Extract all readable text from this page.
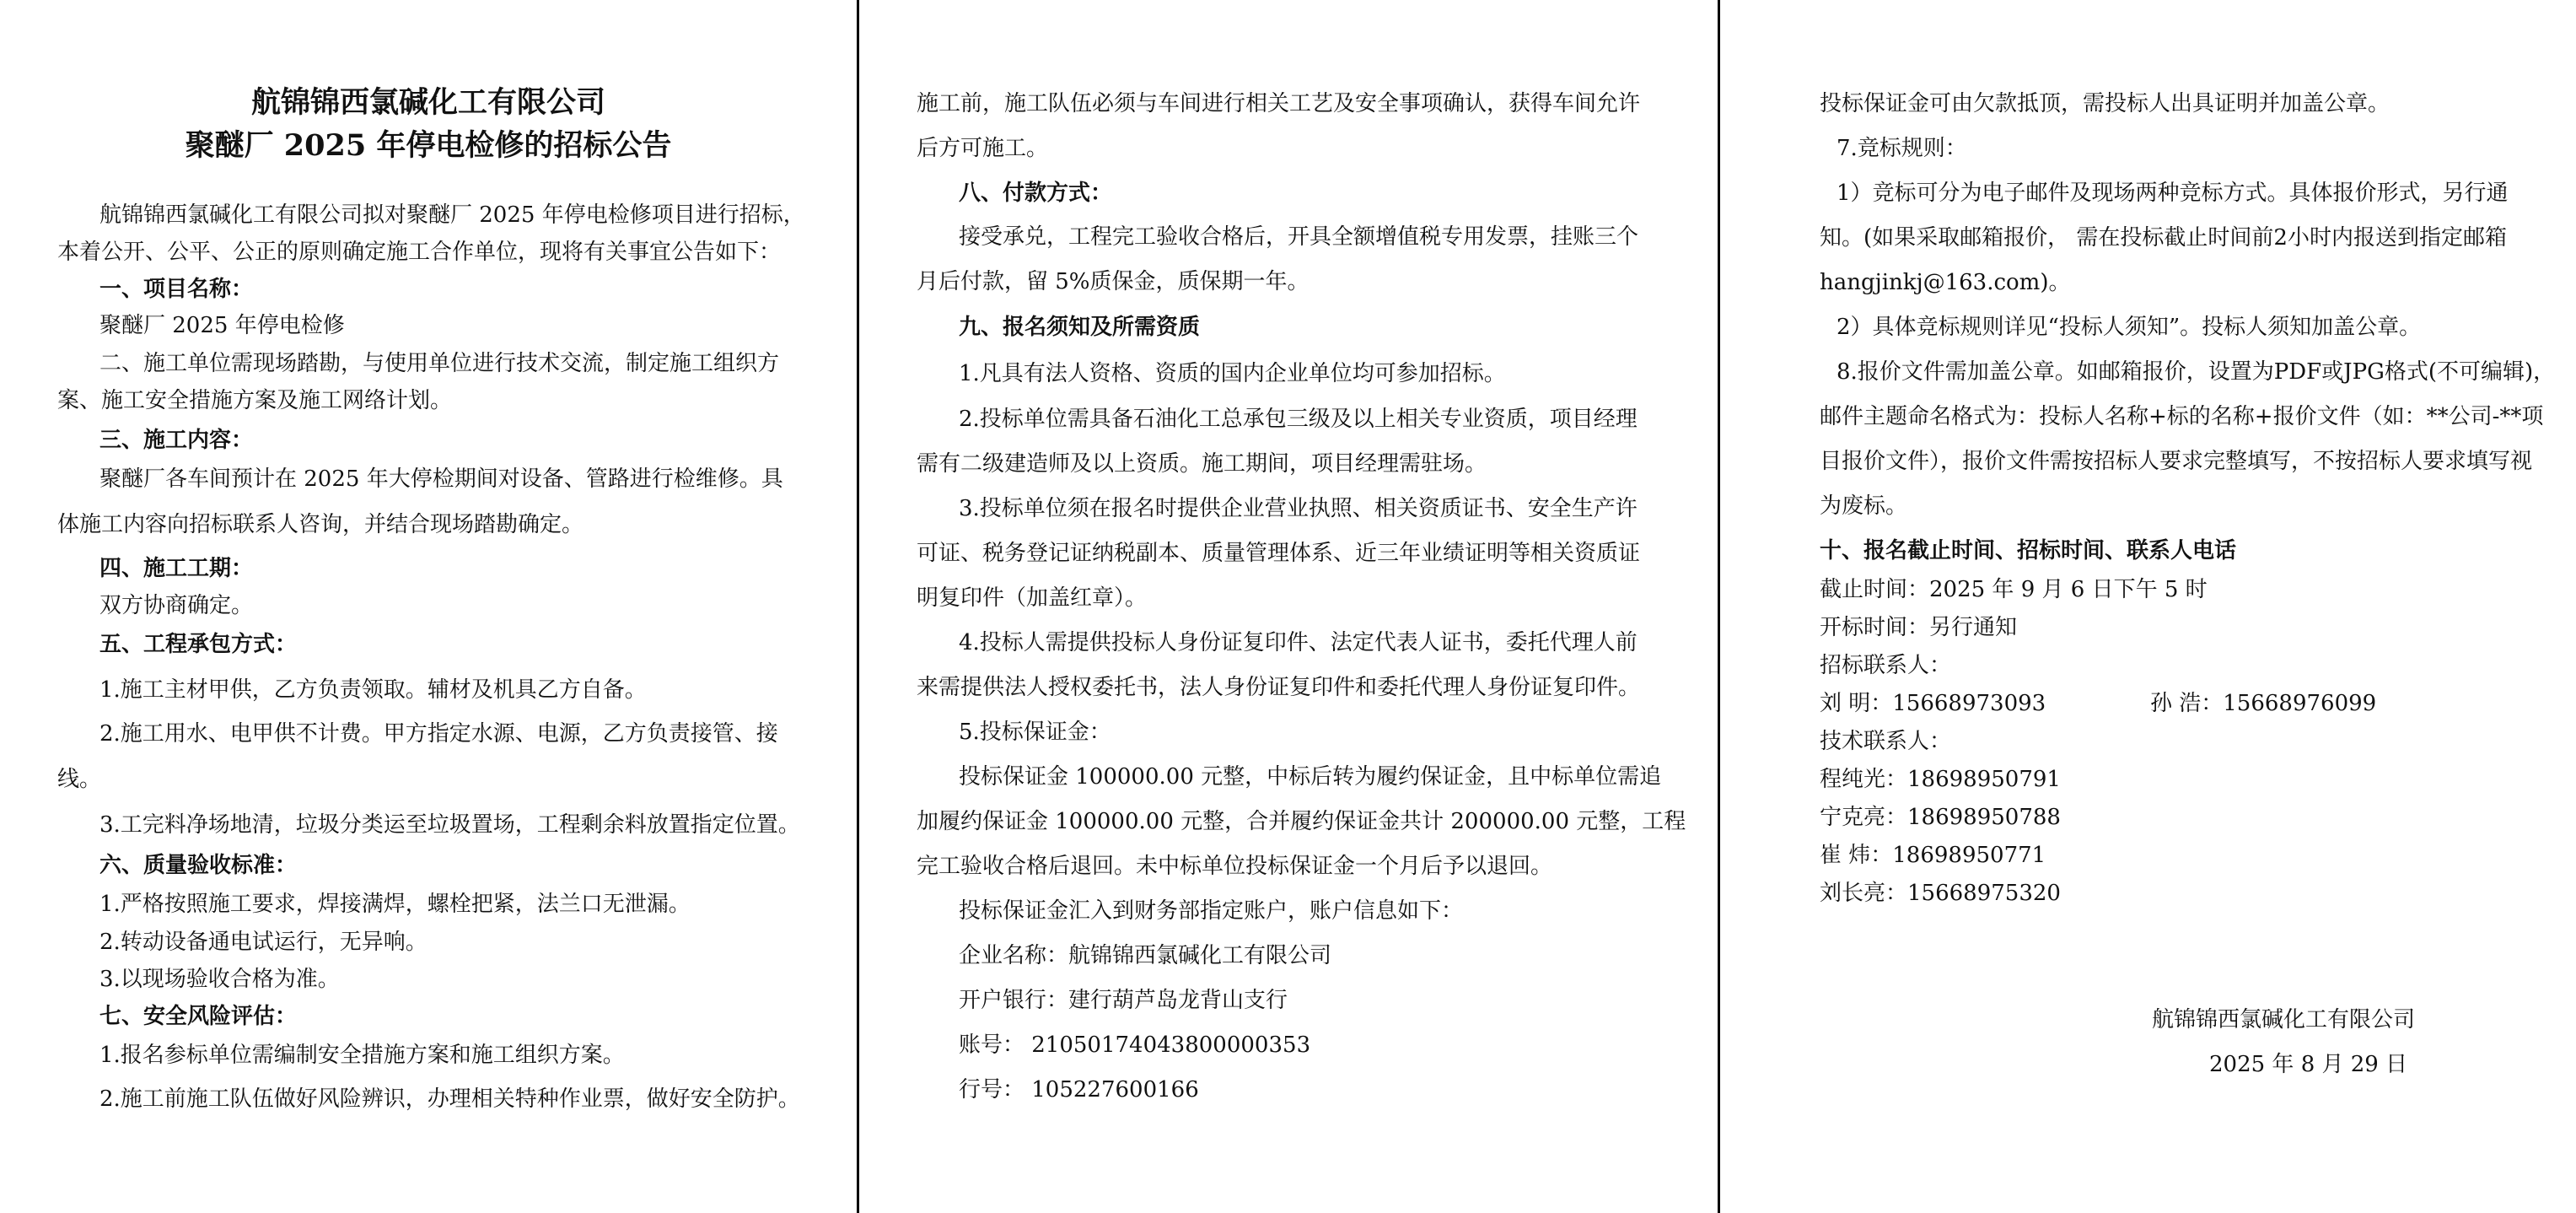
航锦锦西氯碱化工有限公司
聚醚厂 2025 年停电检修的招标公告
航锦锦西氯碱化工有限公司拟对聚醚厂 2025 年停电检修项目进行招标，
本着公开、公平、公正的原则确定施工合作单位，现将有关事宜公告如下：
一、项目名称：
聚醚厂 2025 年停电检修
二、施工单位需现场踏勘，与使用单位进行技术交流，制定施工组织方
案、施工安全措施方案及施工网络计划。
三、施工内容：
聚醚厂各车间预计在 2025 年大停检期间对设备、管路进行检维修。具
体施工内容向招标联系人咨询，并结合现场踏勘确定。
四、施工工期：
双方协商确定。
五、工程承包方式：
1.施工主材甲供，乙方负责领取。辅材及机具乙方自备。
2.施工用水、电甲供不计费。甲方指定水源、电源，乙方负责接管、接
线。
3.工完料净场地清，垃圾分类运至垃圾置场，工程剩余料放置指定位置。
六、质量验收标准：
1.严格按照施工要求，焊接满焊，螺栓把紧，法兰口无泄漏。
2.转动设备通电试运行，无异响。
3.以现场验收合格为准。
七、安全风险评估：
1.报名参标单位需编制安全措施方案和施工组织方案。
2.施工前施工队伍做好风险辨识，办理相关特种作业票，做好安全防护。
施工前，施工队伍必须与车间进行相关工艺及安全事项确认，获得车间允许
后方可施工。
八、付款方式：
接受承兑，工程完工验收合格后，开具全额增值税专用发票，挂账三个
月后付款，留 5%质保金，质保期一年。
九、报名须知及所需资质
1.凡具有法人资格、资质的国内企业单位均可参加招标。
2.投标单位需具备石油化工总承包三级及以上相关专业资质，项目经理
需有二级建造师及以上资质。施工期间，项目经理需驻场。
3.投标单位须在报名时提供企业营业执照、相关资质证书、安全生产许
可证、税务登记证纳税副本、质量管理体系、近三年业绩证明等相关资质证
明复印件（加盖红章）。
4.投标人需提供投标人身份证复印件、法定代表人证书，委托代理人前
来需提供法人授权委托书，法人身份证复印件和委托代理人身份证复印件。
5.投标保证金：
投标保证金 100000.00 元整，中标后转为履约保证金，且中标单位需追
加履约保证金 100000.00 元整，合并履约保证金共计 200000.00 元整，工程
完工验收合格后退回。未中标单位投标保证金一个月后予以退回。
投标保证金汇入到财务部指定账户，账户信息如下：
企业名称：航锦锦西氯碱化工有限公司
开户银行：建行葫芦岛龙背山支行
账号： 21050174043800000353
行号： 105227600166
投标保证金可由欠款抵顶，需投标人出具证明并加盖公章。
7.竞标规则：
1）竞标可分为电子邮件及现场两种竞标方式。具体报价形式，另行通
知。(如果采取邮箱报价， 需在投标截止时间前2小时内报送到指定邮箱
hangjinkj@163.com)。
2）具体竞标规则详见“投标人须知”。投标人须知加盖公章。
8.报价文件需加盖公章。如邮箱报价，设置为PDF或JPG格式(不可编辑)，
邮件主题命名格式为：投标人名称+标的名称+报价文件（如：**公司-**项
目报价文件），报价文件需按招标人要求完整填写，不按招标人要求填写视
为废标。
十、报名截止时间、招标时间、联系人电话
截止时间：2025 年 9 月 6 日下午 5 时
开标时间：另行通知
招标联系人：
刘 明：15668973093	孙 浩：15668976099
技术联系人：
程纯光：18698950791
宁克亮：18698950788
崔 炜：18698950771
刘长亮：15668975320
航锦锦西氯碱化工有限公司
2025 年 8 月 29 日
